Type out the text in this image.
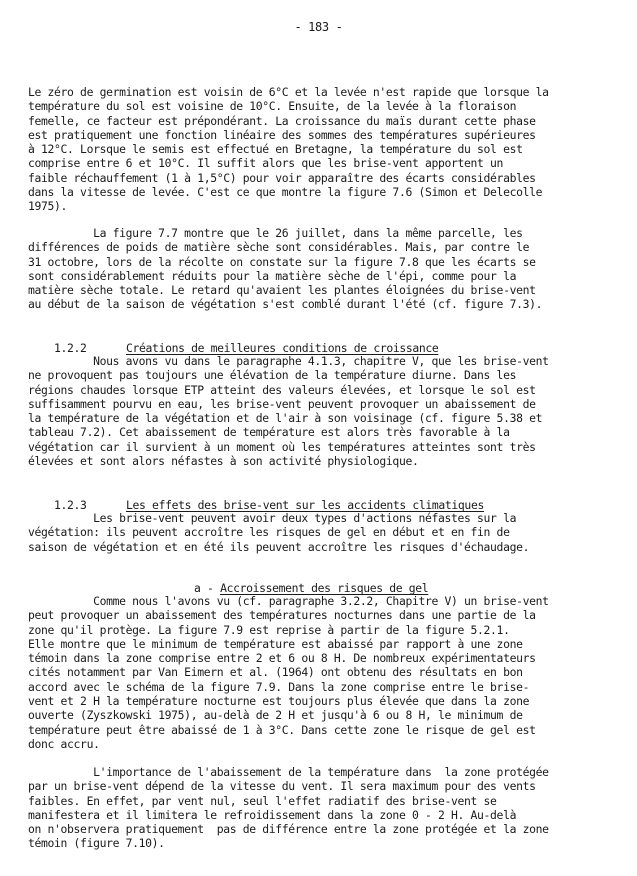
- 183 -

Le zéro de germination est voisin de 6°C et la levée n'est rapide que lorsque la
température du sol est voisine de 10°C. Ensuite, de la levée à la floraison
femelle, ce facteur est prépondérant. La croissance du maïs durant cette phase
est pratiquement une fonction linéaire des sommes des températures supérieures
à 12°C. Lorsque le semis est effectué en Bretagne, la température du sol est
comprise entre 6 et 10°C. Il suffit alors que les brise-vent apportent un
faible réchauffement (1 à 1,5°C) pour voir apparaître des écarts considérables
dans la vitesse de levée. C'est ce que montre la figure 7.6 (Simon et Delecolle
1975).

La figure 7.7 montre que le 26 juillet, dans la même parcelle, les
différences de poids de matière sèche sont considérables. Mais, par contre le
31 octobre, lors de la récolte on constate sur la figure 7.8 que les écarts se
sont considérablement réduits pour la matière sèche de l'épi, comme pour la
matière sèche totale. Le retard qu'avaient les plantes éloignées du brise-vent
au début de la saison de végétation s'est comblé durant l'été (cf. figure 7.3).

1.2.2	Créations de meilleures conditions de croissance

Nous avons vu dans le paragraphe 4.1.3, chapitre V, que les brise-vent
ne provoquent pas toujours une élévation de la température diurne. Dans les
régions chaudes lorsque ETP atteint des valeurs élevées, et lorsque le sol est
suffisamment pourvu en eau, les brise-vent peuvent provoquer un abaissement de
la température de la végétation et de l'air à son voisinage (cf. figure 5.38 et
tableau 7.2). Cet abaissement de température est alors très favorable à la
végétation car il survient à un moment où les températures atteintes sont très
élevées et sont alors néfastes à son activité physiologique.

1.2.3	Les effets des brise-vent sur les accidents climatiques

Les brise-vent peuvent avoir deux types d'actions néfastes sur la
végétation: ils peuvent accroître les risques de gel en début et en fin de
saison de végétation et en été ils peuvent accroître les risques d'échaudage.

a - Accroissement des risques de gel

Comme nous l'avons vu (cf. paragraphe 3.2.2, Chapitre V) un brise-vent
peut provoquer un abaissement des températures nocturnes dans une partie de la
zone qu'il protège. La figure 7.9 est reprise à partir de la figure 5.2.1.
Elle montre que le minimum de température est abaissé par rapport à une zone
témoin dans la zone comprise entre 2 et 6 ou 8 H. De nombreux expérimentateurs
cités notamment par Van Eimern et al. (1964) ont obtenu des résultats en bon
accord avec le schéma de la figure 7.9. Dans la zone comprise entre le brise-
vent et 2 H la température nocturne est toujours plus élevée que dans la zone
ouverte (Zyszkowski 1975), au-delà de 2 H et jusqu'à 6 ou 8 H, le minimum de
température peut être abaissé de 1 à 3°C. Dans cette zone le risque de gel est
donc accru.

L'importance de l'abaissement de la température dans  la zone protégée
par un brise-vent dépend de la vitesse du vent. Il sera maximum pour des vents
faibles. En effet, par vent nul, seul l'effet radiatif des brise-vent se
manifestera et il limitera le refroidissement dans la zone 0 - 2 H. Au-delà
on n'observera pratiquement  pas de différence entre la zone protégée et la zone
témoin (figure 7.10).
